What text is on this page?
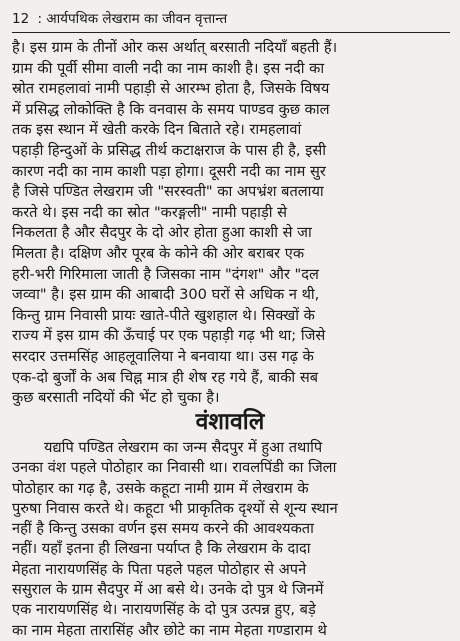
12 : आर्यपथिक लेखराम का जीवन वृत्तान्त
है। इस ग्राम के तीनों ओर कस अर्थात् बरसाती नदियाँ बहती हैं।
ग्राम की पूर्वी सीमा वाली नदी का नाम काशी है। इस नदी का
स्रोत रामहलावां नामी पहाड़ी से आरम्भ होता है, जिसके विषय
में प्रसिद्ध लोकोक्ति है कि वनवास के समय पाण्डव कुछ काल
तक इस स्थान में खेती करके दिन बिताते रहे। रामहलावां
पहाड़ी हिन्दुओं के प्रसिद्ध तीर्थ कटाक्षराज के पास ही है, इसी
कारण नदी का नाम काशी पड़ा होगा। दूसरी नदी का नाम सुर
है जिसे पण्डित लेखराम जी "सरस्वती" का अपभ्रंश बतलाया
करते थे। इस नदी का स्रोत "करङ्गली" नामी पहाड़ी से
निकलता है और सैदपुर के दो ओर होता हुआ काशी से जा
मिलता है। दक्षिण और पूरब के कोने की ओर बराबर एक
हरी-भरी गिरिमाला जाती है जिसका नाम "दंगश" और "दल
जव्वा" है। इस ग्राम की आबादी 300 घरों से अधिक न थी,
किन्तु ग्राम निवासी प्रायः खाते-पीते खुशहाल थे। सिक्खों के
राज्य में इस ग्राम की ऊँचाई पर एक पहाड़ी गढ़ भी था; जिसे
सरदार उत्तमसिंह आहलूवालिया ने बनवाया था। उस गढ़ के
एक-दो बुर्जों के अब चिह्न मात्र ही शेष रह गये हैं, बाकी सब
कुछ बरसाती नदियों की भेंट हो चुका है।
वंशावलि
यद्यपि पण्डित लेखराम का जन्म सैदपुर में हुआ तथापि
उनका वंश पहले पोठोहार का निवासी था। रावलपिंडी का जिला
पोठोहार का गढ़ है, उसके कहूटा नामी ग्राम में लेखराम के
पुरुषा निवास करते थे। कहूटा भी प्राकृतिक दृश्यों से शून्य स्थान
नहीं है किन्तु उसका वर्णन इस समय करने की आवश्यकता
नहीं। यहाँ इतना ही लिखना पर्याप्त है कि लेखराम के दादा
मेहता नारायणसिंह के पिता पहले पहल पोठोहार से अपने
ससुराल के ग्राम सैदपुर में आ बसे थे। उनके दो पुत्र थे जिनमें
एक नारायणसिंह थे। नारायणसिंह के दो पुत्र उत्पन्न हुए, बड़े
का नाम मेहता तारासिंह और छोटे का नाम मेहता गण्डाराम थे
